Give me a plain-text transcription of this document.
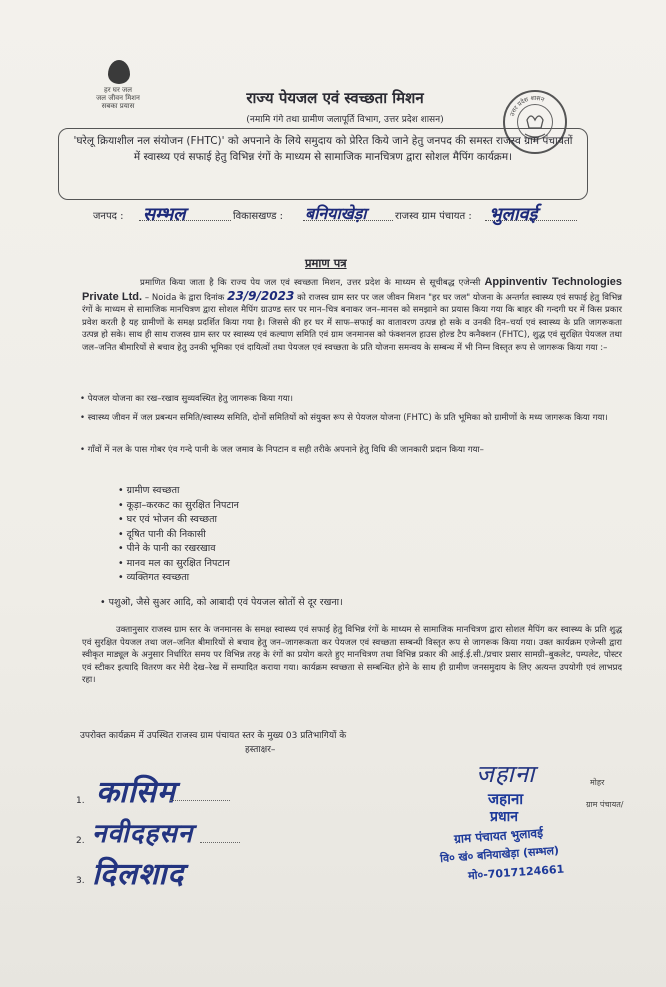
हर घर जल
जल जीवन मिशन
सबका प्रयास	राज्य पेयजल एवं स्वच्छता मिशन
(नमामि गंगे तथा ग्रामीण जलापूर्ति विभाग, उत्तर प्रदेश शासन)
उत्तर प्रदेश शासन
'घरेलू क्रियाशील नल संयोजन (FHTC)' को अपनाने के लिये समुदाय को प्रेरित किये जाने हेतु जनपद की समस्त राजस्व ग्राम पंचायतों में स्वास्थ्य एवं सफाई हेतु विभिन्न रंगों के माध्यम से सामाजिक मानचित्रण द्वारा सोशल मैपिंग कार्यक्रम।
जनपद : सम्भल	विकासखण्ड : बनियाखेड़ा	राजस्व ग्राम पंचायत : भुलावई
प्रमाण पत्र
प्रमाणित किया जाता है कि राज्य पेय जल एवं स्वच्छता मिशन, उत्तर प्रदेश के माध्यम से सूचीबद्ध एजेन्सी Appinventiv Technologies Private Ltd. – Noida के द्वारा दिनांक 23/9/2023 को राजस्व ग्राम स्तर पर जल जीवन मिशन "हर घर जल" योजना के अन्तर्गत स्वास्थ्य एवं सफाई हेतु विभिन्न रंगों के माध्यम से सामाजिक मानचित्रण द्वारा सोशल मैपिंग ग्राउण्ड स्तर पर मान–चित्र बनाकर जन–मानस को समझाने का प्रयास किया गया कि बाहर की गन्दगी घर में किस प्रकार प्रवेश करती है यह ग्रामीणों के समक्ष प्रदर्शित किया गया है। जिससे की हर घर में साफ–सफाई का वातावरण उत्पन्न हो सके व उनकी दिन–चर्या एवं स्वास्थ्य के प्रति जागरूकता उत्पन्न हो सके। साथ ही साथ राजस्व ग्राम स्तर पर स्वास्थ्य एवं कल्याण समिति एवं ग्राम जनमानस को फंक्शनल हाउस होल्ड टैप कनैक्शन (FHTC), शुद्ध एवं सुरक्षित पेयजल तथा जल–जनित बीमारियों से बचाव हेतु उनकी भूमिका एवं दायित्वों तथा पेयजल एवं स्वच्छता के प्रति योजना समन्वय के सम्बन्ध में भी निम्न विस्तृत रूप से जागरूक किया गया :–
• पेयजल योजना का रख–रखाव सुव्यवस्थित हेतु जागरूक किया गया।
• स्वास्थ्य जीवन में जल प्रबन्धन समिति/स्वास्थ्य समिति, दोनों समितियों को संयुक्त रूप से पेयजल योजना (FHTC) के प्रति भूमिका को ग्रामीणों के मध्य जागरूक किया गया।
• गाँवों में नल के पास गोबर एंव गन्दे पानी के जल जमाव के निपटान व सही तरीके अपनाने हेतु विधि की जानकारी प्रदान किया गया–
• ग्रामीण स्वच्छता
• कूड़ा–करकट का सुरक्षित निपटान
• घर एवं भोजन की स्वच्छता
• दूषित पानी की निकासी
• पीने के पानी का रखरखाव
• मानव मल का सुरक्षित निपटान
• व्यक्तिगत स्वच्छता
• पशुऒ, जैसे सुअर आदि, को आबादी एवं पेयजल स्रोतों से दूर रखना।
उक्तानुसार राजस्व ग्राम स्तर के जनमानस के समक्ष स्वास्थ्य एवं सफाई हेतु विभिन्न रंगों के माध्यम से सामाजिक मानचित्रण द्वारा सोशल मैपिंग कर स्वास्थ्य के प्रति शुद्ध एवं सुरक्षित पेयजल तथा जल–जनित बीमारियों से बचाव हेतु जन–जागरूकता कर पेयजल एवं स्वच्छता सम्बन्धी विस्तृत रूप से जागरूक किया गया। उक्त कार्यक्रम एजेन्सी द्वारा स्वीकृत माड्यूल के अनुसार निर्धारित समय पर विभिन्न तरह के रंगों का प्रयोग करते हुए मानचित्रण तथा विभिन्न प्रकार की आई.ई.सी./प्रचार प्रसार सामग्री–बुकलेट, पम्पलेट, पोस्टर एवं स्टीकर इत्यादि वितरण कर मेरी देख–रेख में सम्पादित कराया गया। कार्यक्रम स्वच्छता से सम्बन्धित होने के साथ ही ग्रामीण जनसमुदाय के लिए अत्यन्त उपयोगी एवं लाभप्रद रहा।
उपरोक्त कार्यक्रम में उपस्थित राजस्व ग्राम पंचायत स्तर के मुख्य 03 प्रतिभागियों के
हस्ताक्षर–
1. कासिम
2. नवीदहसन
3. दिलशाद
जहाना	मोहर
ग्राम पंचायत/
जहाना
प्रधान
ग्राम पंचायत भुलावई
वि० खं० बनियाखेड़ा (सम्भल)
मो०-7017124661
